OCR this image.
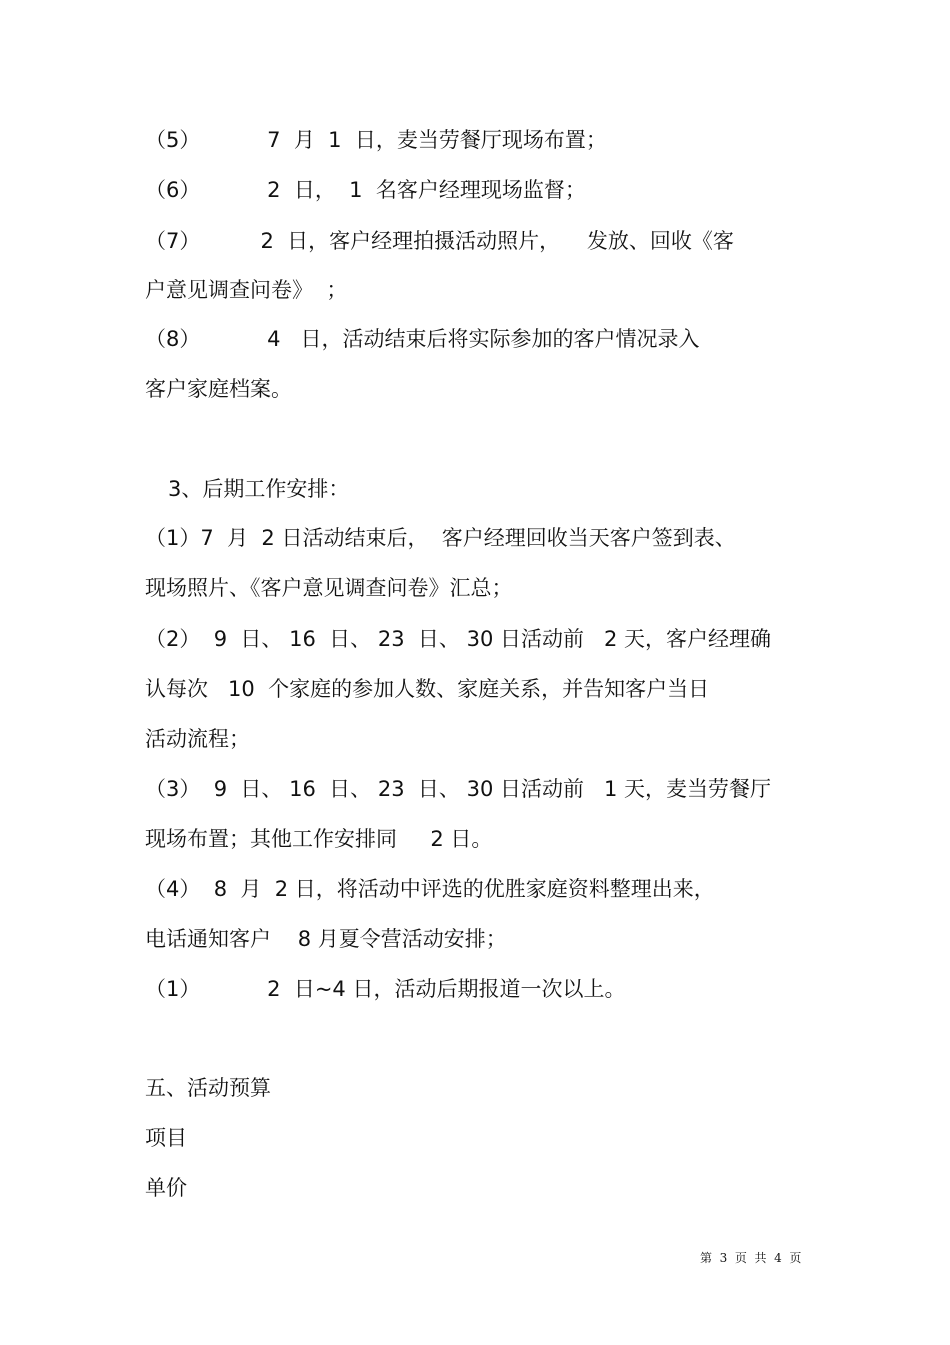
（5）          7  月  1  日，麦当劳餐厅现场布置；
（6）          2  日，  1  名客户经理现场监督；
（7）         2  日，客户经理拍摄活动照片，    发放、回收《客
户意见调查问卷》  ；
（8）          4   日，活动结束后将实际参加的客户情况录入
客户家庭档案。
3、后期工作安排：
（1）7  月  2 日活动结束后，  客户经理回收当天客户签到表、
现场照片、《客户意见调查问卷》汇总；
（2）  9  日、 16  日、 23  日、 30 日活动前   2 天，客户经理确
认每次   10  个家庭的参加人数、家庭关系，并告知客户当日
活动流程；
（3）  9  日、 16  日、 23  日、 30 日活动前   1 天，麦当劳餐厅
现场布置；其他工作安排同     2 日。
（4）  8  月  2 日，将活动中评选的优胜家庭资料整理出来，
电话通知客户    8 月夏令营活动安排；
（1）          2  日~4 日，活动后期报道一次以上。
五、活动预算
项目
单价
第  3  页  共  4  页
